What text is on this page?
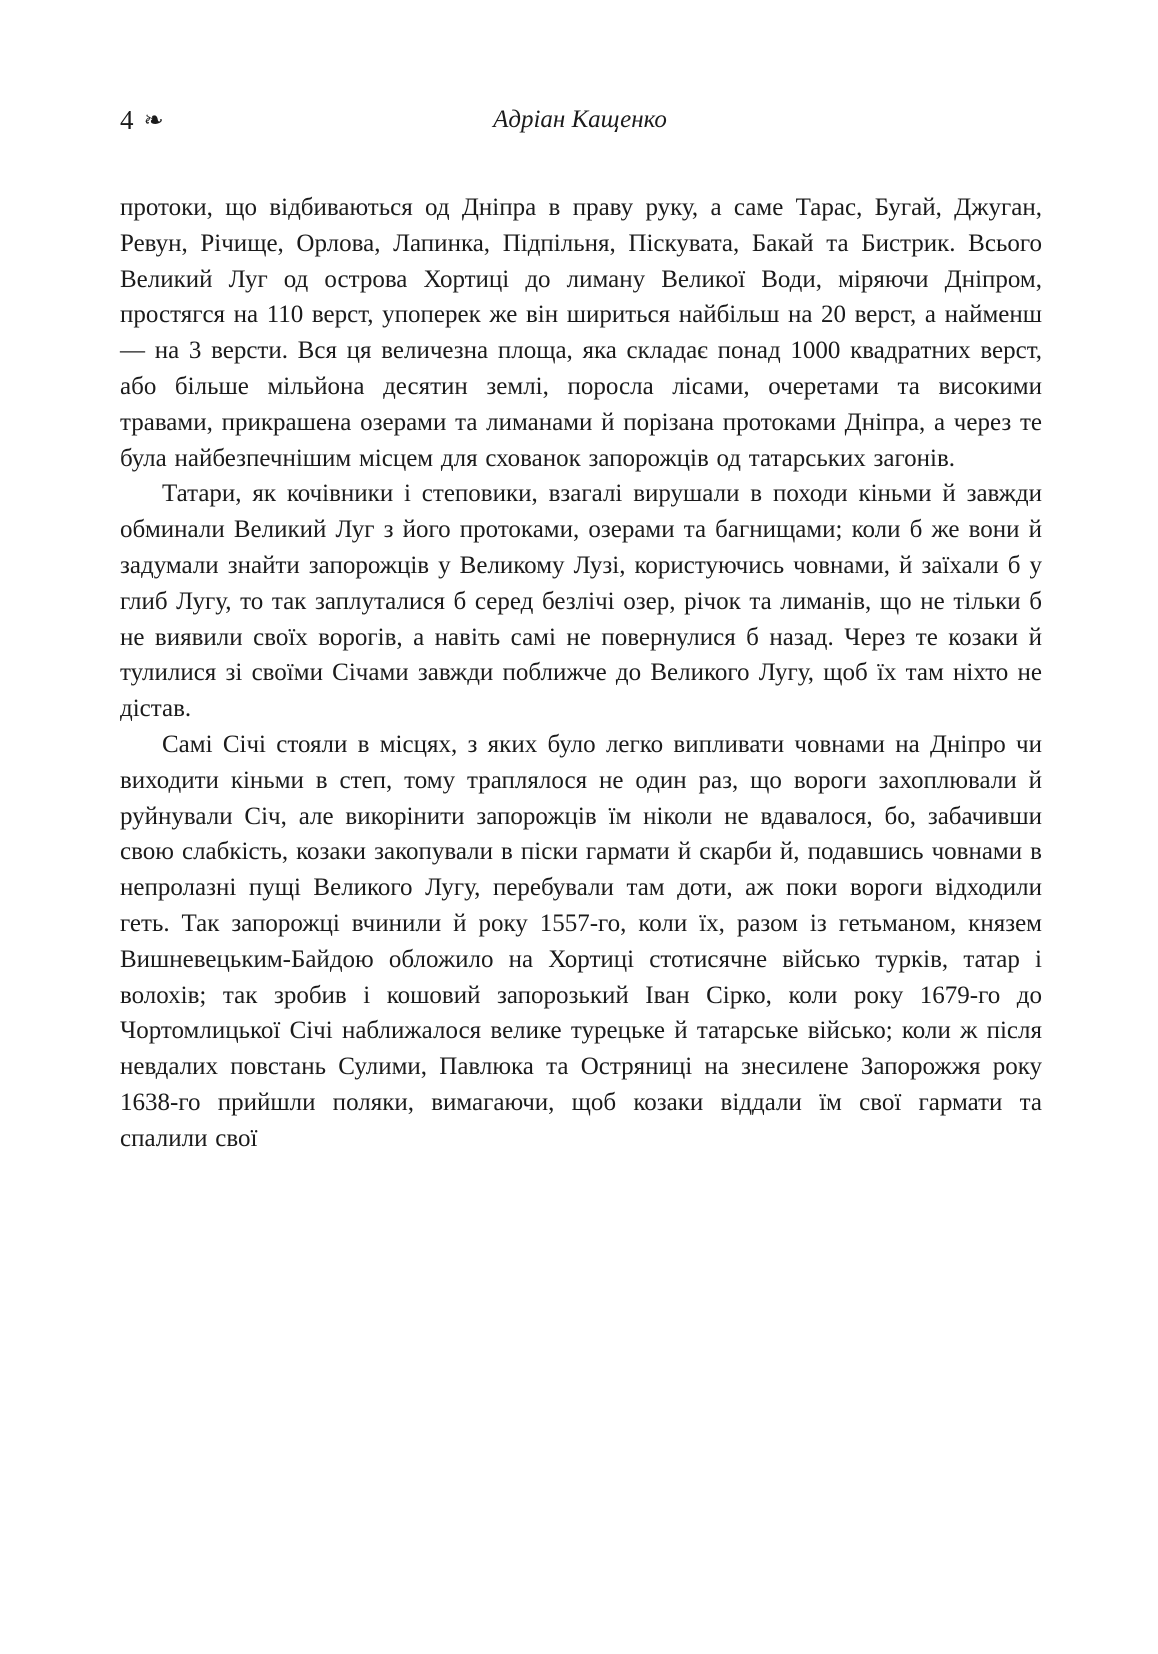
4 ❧	Адріан Кащенко

протоки, що відбиваються од Дніпра в праву руку, а саме Тарас, Бугай, Джуган, Ревун, Річище, Орлова, Лапинка, Підпільня, Піскувата, Бакай та Бистрик. Всього Великий Луг од острова Хортиці до лиману Великої Води, міряючи Дніпром, простягся на 110 верст, упоперек же він шириться найбільш на 20 верст, а найменш — на 3 версти. Вся ця величезна площа, яка складає понад 1000 квадратних верст, або більше мільйона десятин землі, поросла лісами, очеретами та високими травами, прикрашена озерами та лиманами й порізана протоками Дніпра, а через те була найбезпечнішим місцем для схованок запорожців од татарських загонів.

Татари, як кочівники і степовики, взагалі вирушали в походи кіньми й завжди обминали Великий Луг з його протоками, озерами та багнищами; коли б же вони й задумали знайти запорожців у Великому Лузі, користуючись човнами, й заїхали б у глиб Лугу, то так заплуталися б серед безлічі озер, річок та лиманів, що не тільки б не виявили своїх ворогів, а навіть самі не повернулися б назад. Через те козаки й тулилися зі своїми Січами завжди поближче до Великого Лугу, щоб їх там ніхто не дістав.

Самі Січі стояли в місцях, з яких було легко випливати човнами на Дніпро чи виходити кіньми в степ, тому траплялося не один раз, що вороги захоплювали й руйнували Січ, але викорінити запорожців їм ніколи не вдавалося, бо, забачивши свою слабкість, козаки закопували в піски гармати й скарби й, подавшись човнами в непролазні пущі Великого Лугу, перебували там доти, аж поки вороги відходили геть. Так запорожці вчинили й року 1557-го, коли їх, разом із гетьманом, князем Вишневецьким-Байдою обложило на Хортиці стотисячне військо турків, татар і волохів; так зробив і кошовий запорозький Іван Сірко, коли року 1679-го до Чортомлицької Січі наближалося велике турецьке й татарське військо; коли ж після невдалих повстань Сулими, Павлюка та Остряниці на знесилене Запорожжя року 1638-го прийшли поляки, вимагаючи, щоб козаки віддали їм свої гармати та спалили свої
